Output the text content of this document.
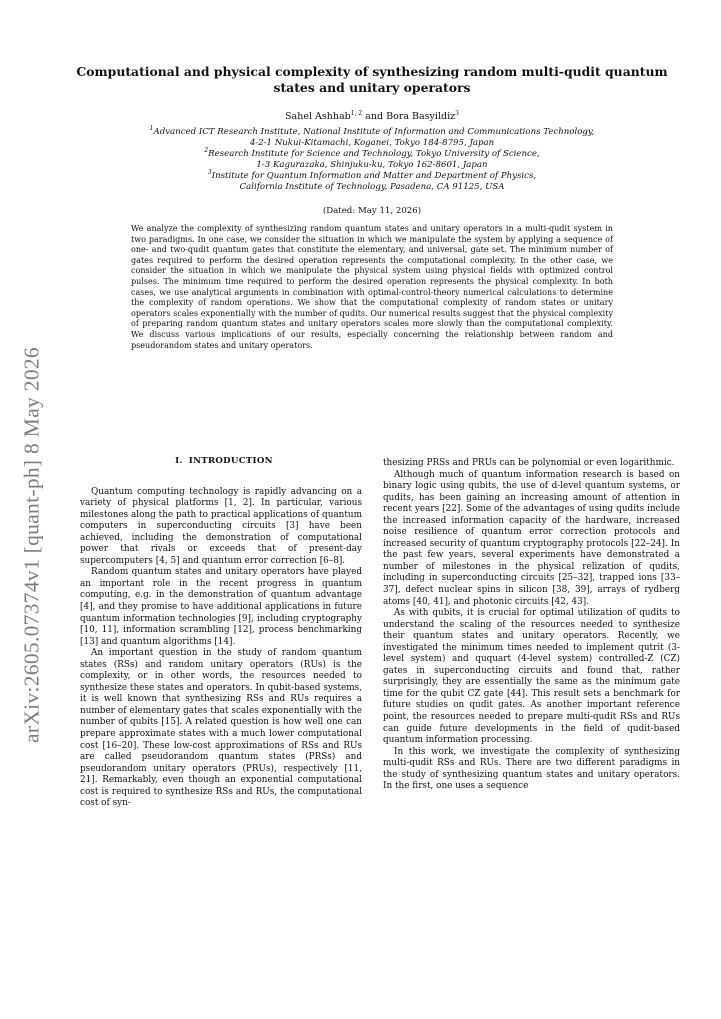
arXiv:2605.07374v1 [quant-ph] 8 May 2026
Computational and physical complexity of synthesizing random multi-qudit quantum states and unitary operators
Sahel Ashhab$^{1, 2}$ and Bora Basyildiz$^3$
$^1$Advanced ICT Research Institute, National Institute of Information and Communications Technology,
4-2-1 Nukui-Kitamachi, Koganei, Tokyo 184-8795, Japan
$^2$Research Institute for Science and Technology, Tokyo University of Science,
1-3 Kagurazaka, Shinjuku-ku, Tokyo 162-8601, Japan
$^3$Institute for Quantum Information and Matter and Department of Physics,
California Institute of Technology, Pasadena, CA 91125, USA
(Dated: May 11, 2026)
We analyze the complexity of synthesizing random quantum states and unitary operators in a multi-qudit system in two paradigms. In one case, we consider the situation in which we manipulate the system by applying a sequence of one- and two-qudit quantum gates that constitute the elementary, and universal, gate set. The minimum number of gates required to perform the desired operation represents the computational complexity. In the other case, we consider the situation in which we manipulate the physical system using physical fields with optimized control pulses. The minimum time required to perform the desired operation represents the physical complexity. In both cases, we use analytical arguments in combination with optimal-control-theory numerical calculations to determine the complexity of random operations. We show that the computational complexity of random states or unitary operators scales exponentially with the number of qudits. Our numerical results suggest that the physical complexity of preparing random quantum states and unitary operators scales more slowly than the computational complexity. We discuss various implications of our results, especially concerning the relationship between random and pseudorandom states and unitary operators.
I. INTRODUCTION

Quantum computing technology is rapidly advancing on a variety of physical platforms [1, 2]. In particular, various milestones along the path to practical applications of quantum computers in superconducting circuits [3] have been achieved, including the demonstration of computational power that rivals or exceeds that of present-day supercomputers [4, 5] and quantum error correction [6–8].

Random quantum states and unitary operators have played an important role in the recent progress in quantum computing, e.g. in the demonstration of quantum advantage [4], and they promise to have additional applications in future quantum information technologies [9], including cryptography [10, 11], information scrambling [12], process benchmarking [13] and quantum algorithms [14].

An important question in the study of random quantum states (RSs) and random unitary operators (RUs) is the complexity, or in other words, the resources needed to synthesize these states and operators. In qubit-based systems, it is well known that synthesizing RSs and RUs requires a number of elementary gates that scales exponentially with the number of qubits [15]. A related question is how well one can prepare approximate states with a much lower computational cost [16–20]. These low-cost approximations of RSs and RUs are called pseudorandom quantum states (PRSs) and pseudorandom unitary operators (PRUs), respectively [11, 21]. Remarkably, even though an exponential computational cost is required to synthesize RSs and RUs, the computational cost of syn-

thesizing PRSs and PRUs can be polynomial or even logarithmic.

Although much of quantum information research is based on binary logic using qubits, the use of d-level quantum systems, or qudits, has been gaining an increasing amount of attention in recent years [22]. Some of the advantages of using qudits include the increased information capacity of the hardware, increased noise resilience of quantum error correction protocols and increased security of quantum cryptography protocols [22–24]. In the past few years, several experiments have demonstrated a number of milestones in the physical relization of qudits, including in superconducting circuits [25–32], trapped ions [33–37], defect nuclear spins in silicon [38, 39], arrays of rydberg atoms [40, 41], and photonic circuits [42, 43].

As with qubits, it is crucial for optimal utilization of qudits to understand the scaling of the resources needed to synthesize their quantum states and unitary operators. Recently, we investigated the minimum times needed to implement qutrit (3-level system) and ququart (4-level system) controlled-Z (CZ) gates in superconducting circuits and found that, rather surprisingly, they are essentially the same as the minimum gate time for the qubit CZ gate [44]. This result sets a benchmark for future studies on qudit gates. As another important reference point, the resources needed to prepare multi-qudit RSs and RUs can guide future developments in the field of qudit-based quantum information processing.

In this work, we investigate the complexity of synthesizing multi-qudit RSs and RUs. There are two different paradigms in the study of synthesizing quantum states and unitary operators. In the first, one uses a sequence
